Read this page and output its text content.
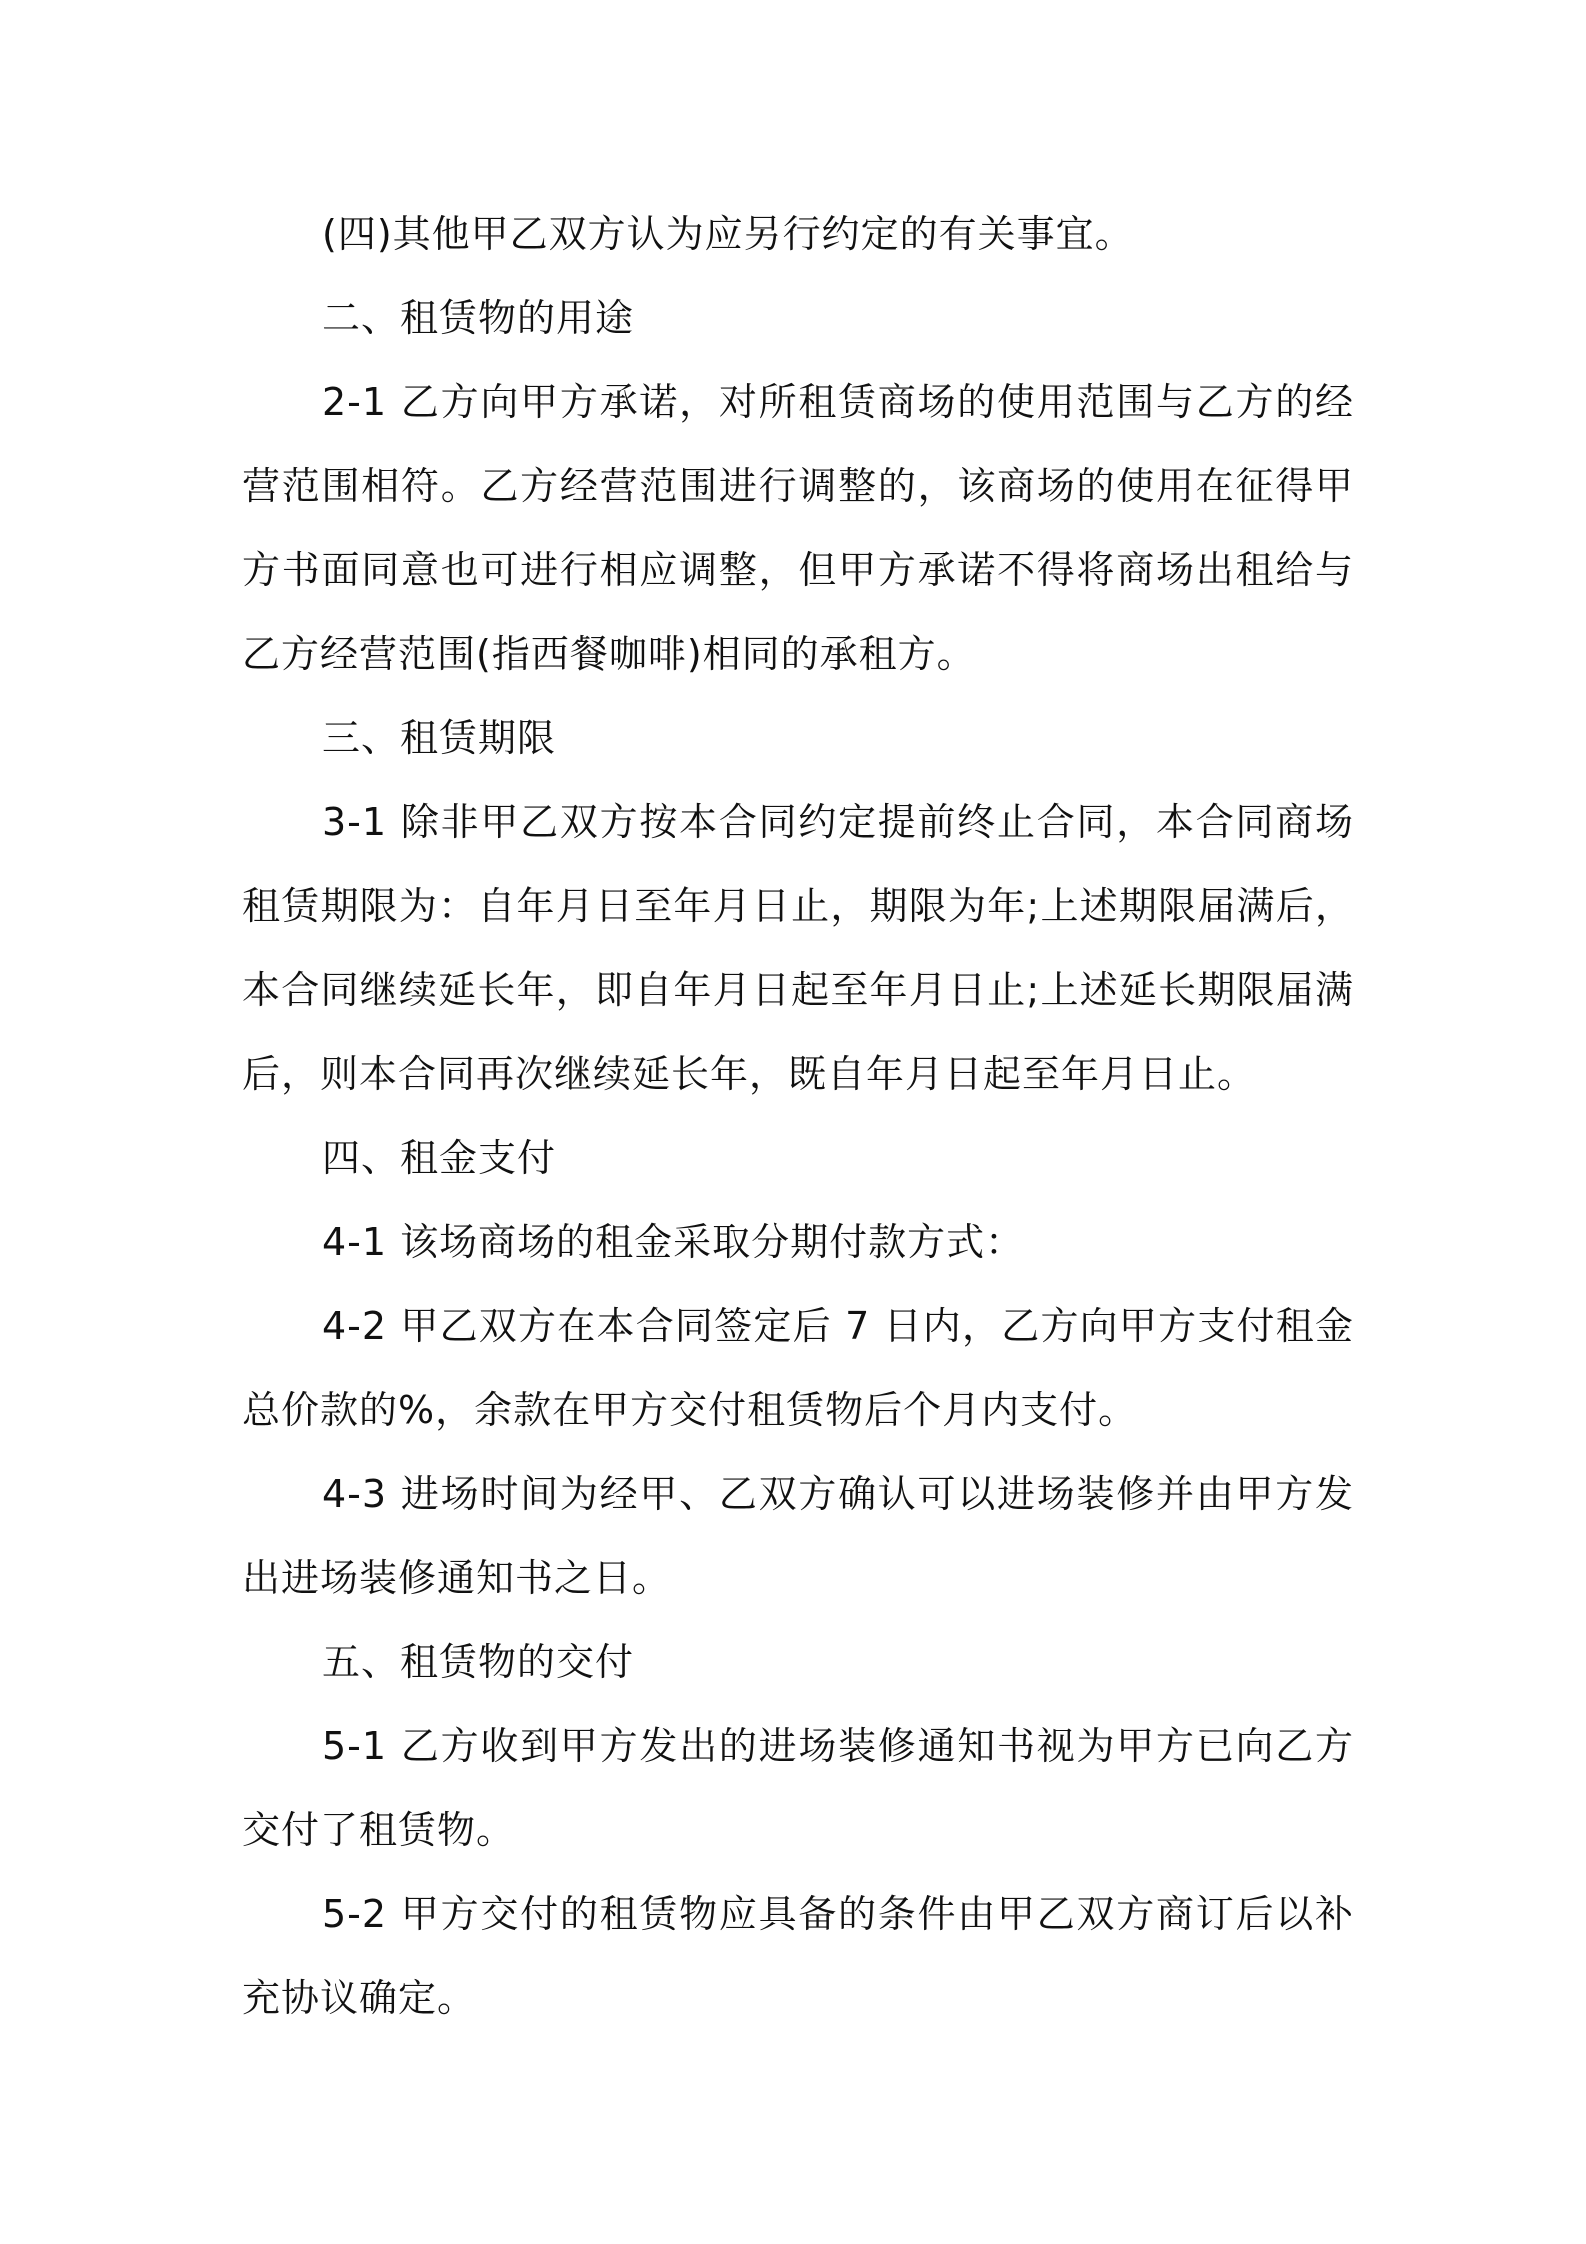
(四)其他甲乙双方认为应另行约定的有关事宜。

二、租赁物的用途

2-1 乙方向甲方承诺，对所租赁商场的使用范围与乙方的经营范围相符。乙方经营范围进行调整的，该商场的使用在征得甲方书面同意也可进行相应调整，但甲方承诺不得将商场出租给与乙方经营范围(指西餐咖啡)相同的承租方。

三、租赁期限

3-1 除非甲乙双方按本合同约定提前终止合同，本合同商场租赁期限为：自年月日至年月日止，期限为年;上述期限届满后，本合同继续延长年，即自年月日起至年月日止;上述延长期限届满后，则本合同再次继续延长年，既自年月日起至年月日止。

四、租金支付

4-1 该场商场的租金采取分期付款方式：

4-2 甲乙双方在本合同签定后 7 日内，乙方向甲方支付租金总价款的%，余款在甲方交付租赁物后个月内支付。

4-3 进场时间为经甲、乙双方确认可以进场装修并由甲方发出进场装修通知书之日。

五、租赁物的交付

5-1 乙方收到甲方发出的进场装修通知书视为甲方已向乙方交付了租赁物。

5-2 甲方交付的租赁物应具备的条件由甲乙双方商订后以补充协议确定。
